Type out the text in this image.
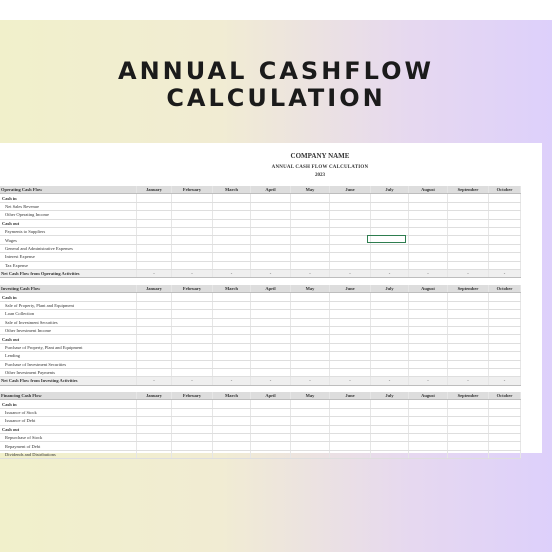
ANNUAL CASHFLOW
CALCULATION
COMPANY NAME
ANNUAL CASH FLOW CALCULATION
2023
Operating Cash Flow	January	February	March	April	May	June	July	August	September	October	
Cash in											
Net Sales Revenue											
Other Operating Income											
Cash out											
Payments to Suppliers											
Wages											
General and Administrative Expenses											
Interest Expense											
Tax Expense											
Net Cash Flow from Operating Activities	-	-	-	-	-	-	-	-	-	-	
Investing Cash Flow	January	February	March	April	May	June	July	August	September	October	
Cash in											
Sale of Property, Plant and Equipment											
Loan Collection											
Sale of Investment Securities											
Other Investment Income											
Cash out											
Purchase of Property, Plant and Equipment											
Lending											
Purchase of Investment Securities											
Other Investment Payments											
Net Cash Flow from Investing Activities	-	-	-	-	-	-	-	-	-	-	
Financing Cash Flow	January	February	March	April	May	June	July	August	September	October	
Cash in											
Issuance of Stock											
Issuance of Debt											
Cash out											
Repurchase of Stock											
Repayment of Debt											
Dividends and Distributions											
